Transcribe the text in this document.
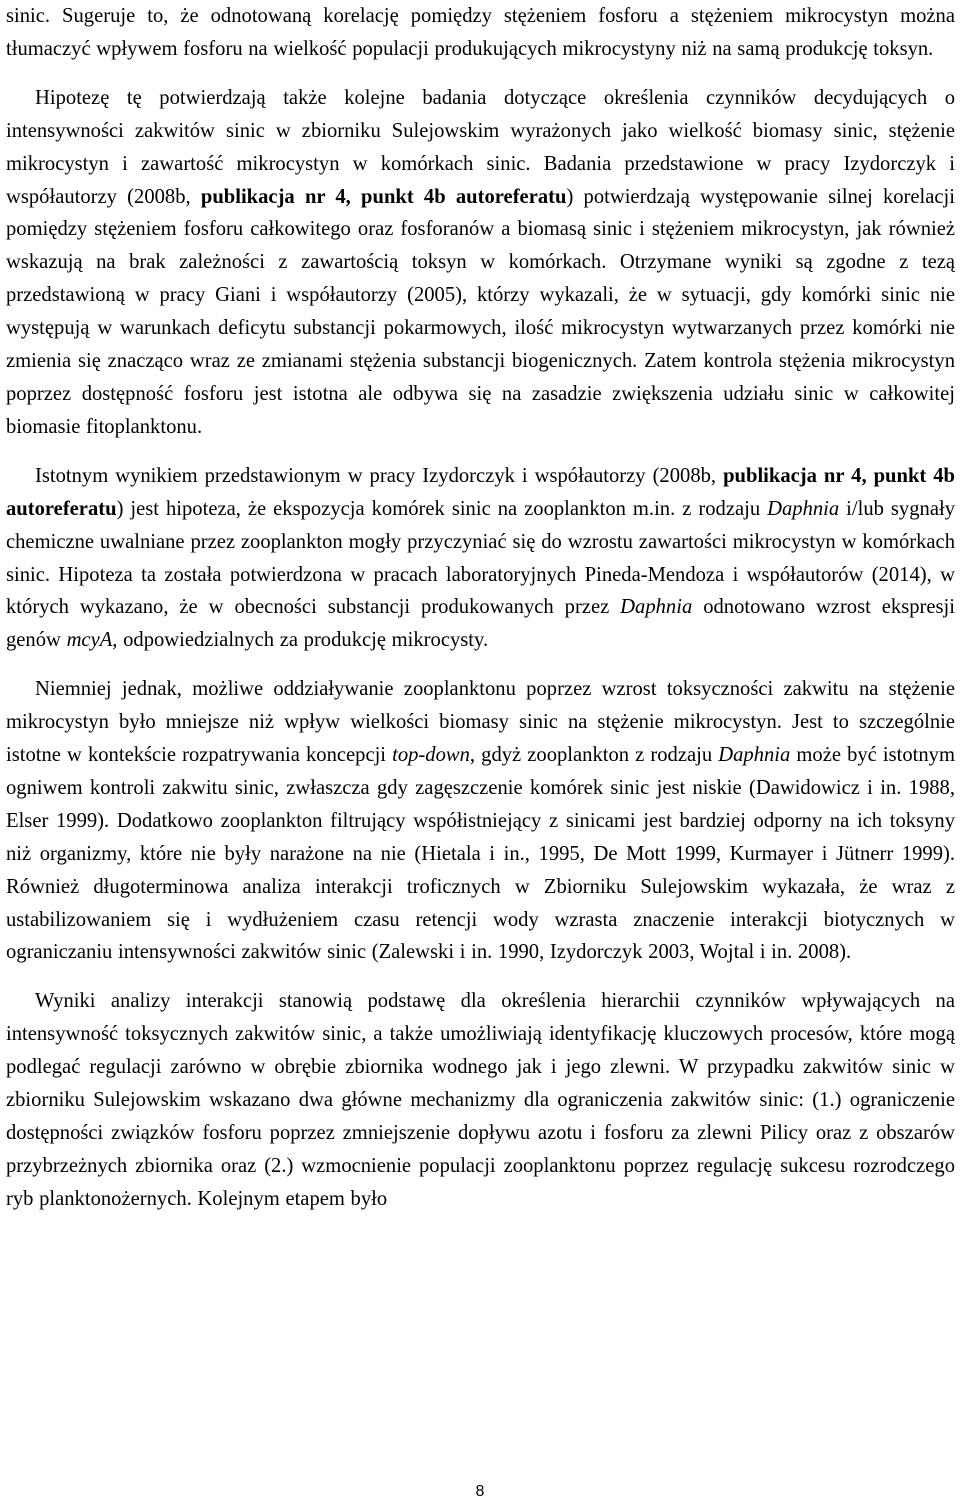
sinic. Sugeruje to, że odnotowaną korelację pomiędzy stężeniem fosforu a stężeniem mikrocystyn można tłumaczyć wpływem fosforu na wielkość populacji produkujących mikrocystyny niż na samą produkcję toksyn.

Hipotezę tę potwierdzają także kolejne badania dotyczące określenia czynników decydujących o intensywności zakwitów sinic w zbiorniku Sulejowskim wyrażonych jako wielkość biomasy sinic, stężenie mikrocystyn i zawartość mikrocystyn w komórkach sinic. Badania przedstawione w pracy Izydorczyk i współautorzy (2008b, publikacja nr 4, punkt 4b autoreferatu) potwierdzają występowanie silnej korelacji pomiędzy stężeniem fosforu całkowitego oraz fosforanów a biomasą sinic i stężeniem mikrocystyn, jak również wskazują na brak zależności z zawartością toksyn w komórkach. Otrzymane wyniki są zgodne z tezą przedstawioną w pracy Giani i współautorzy (2005), którzy wykazali, że w sytuacji, gdy komórki sinic nie występują w warunkach deficytu substancji pokarmowych, ilość mikrocystyn wytwarzanych przez komórki nie zmienia się znacząco wraz ze zmianami stężenia substancji biogenicznych. Zatem kontrola stężenia mikrocystyn poprzez dostępność fosforu jest istotna ale odbywa się na zasadzie zwiększenia udziału sinic w całkowitej biomasie fitoplanktonu.

Istotnym wynikiem przedstawionym w pracy Izydorczyk i współautorzy (2008b, publikacja nr 4, punkt 4b autoreferatu) jest hipoteza, że ekspozycja komórek sinic na zooplankton m.in. z rodzaju Daphnia i/lub sygnały chemiczne uwalniane przez zooplankton mogły przyczyniać się do wzrostu zawartości mikrocystyn w komórkach sinic. Hipoteza ta została potwierdzona w pracach laboratoryjnych Pineda-Mendoza i współautorów (2014), w których wykazano, że w obecności substancji produkowanych przez Daphnia odnotowano wzrost ekspresji genów mcyA, odpowiedzialnych za produkcję mikrocysty.

Niemniej jednak, możliwe oddziaływanie zooplanktonu poprzez wzrost toksyczności zakwitu na stężenie mikrocystyn było mniejsze niż wpływ wielkości biomasy sinic na stężenie mikrocystyn. Jest to szczególnie istotne w kontekście rozpatrywania koncepcji top-down, gdyż zooplankton z rodzaju Daphnia może być istotnym ogniwem kontroli zakwitu sinic, zwłaszcza gdy zagęszczenie komórek sinic jest niskie (Dawidowicz i in. 1988, Elser 1999). Dodatkowo zooplankton filtrujący współistniejący z sinicami jest bardziej odporny na ich toksyny niż organizmy, które nie były narażone na nie (Hietala i in., 1995, De Mott 1999, Kurmayer i Jütnerr 1999). Również długoterminowa analiza interakcji troficznych w Zbiorniku Sulejowskim wykazała, że wraz z ustabilizowaniem się i wydłużeniem czasu retencji wody wzrasta znaczenie interakcji biotycznych w ograniczaniu intensywności zakwitów sinic (Zalewski i in. 1990, Izydorczyk 2003, Wojtal i in. 2008).

Wyniki analizy interakcji stanowią podstawę dla określenia hierarchii czynników wpływających na intensywność toksycznych zakwitów sinic, a także umożliwiają identyfikację kluczowych procesów, które mogą podlegać regulacji zarówno w obrębie zbiornika wodnego jak i jego zlewni. W przypadku zakwitów sinic w zbiorniku Sulejowskim wskazano dwa główne mechanizmy dla ograniczenia zakwitów sinic: (1.) ograniczenie dostępności związków fosforu poprzez zmniejszenie dopływu azotu i fosforu za zlewni Pilicy oraz z obszarów przybrzeżnych zbiornika oraz (2.) wzmocnienie populacji zooplanktonu poprzez regulację sukcesu rozrodczego ryb planktonożernych. Kolejnym etapem było

8
